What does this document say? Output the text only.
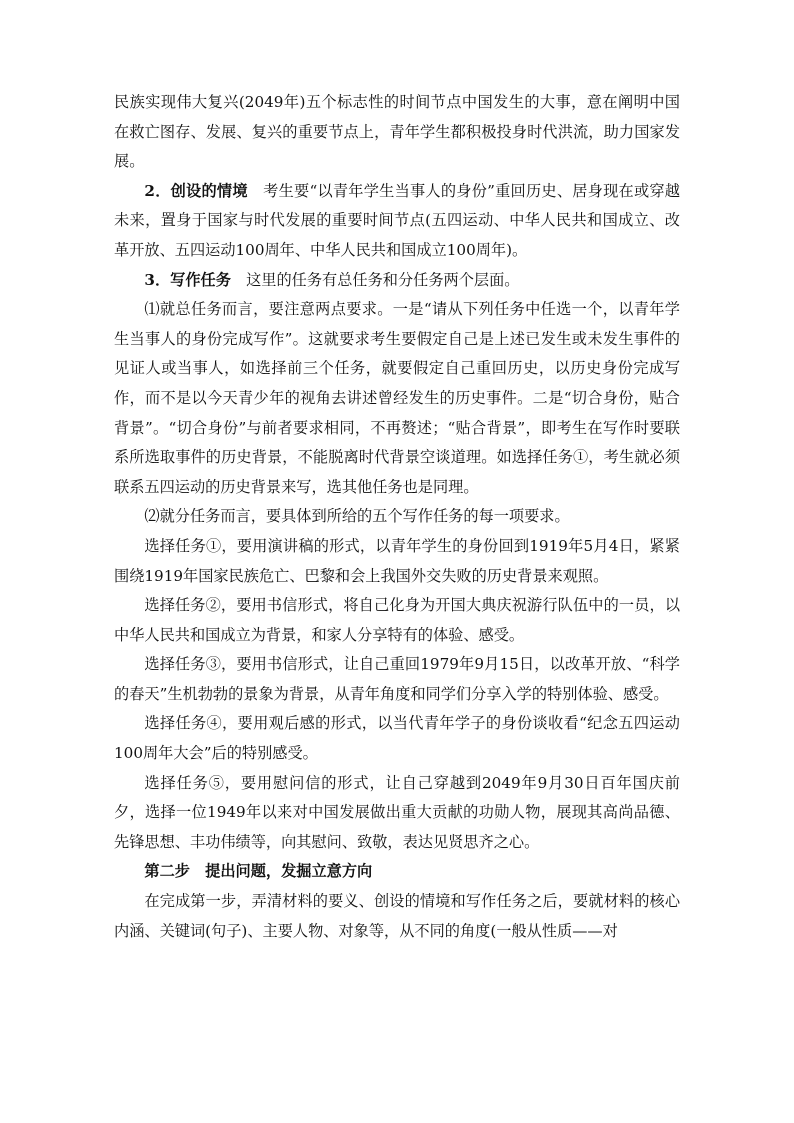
民族实现伟大复兴(2049年)五个标志性的时间节点中国发生的大事，意在阐明中国在救亡图存、发展、复兴的重要节点上，青年学生都积极投身时代洪流，助力国家发展。

2．创设的情境　考生要“以青年学生当事人的身份”重回历史、居身现在或穿越未来，置身于国家与时代发展的重要时间节点(五四运动、中华人民共和国成立、改革开放、五四运动100周年、中华人民共和国成立100周年)。

3．写作任务　这里的任务有总任务和分任务两个层面。

⑴就总任务而言，要注意两点要求。一是“请从下列任务中任选一个，以青年学生当事人的身份完成写作”。这就要求考生要假定自己是上述已发生或未发生事件的见证人或当事人，如选择前三个任务，就要假定自己重回历史，以历史身份完成写作，而不是以今天青少年的视角去讲述曾经发生的历史事件。二是“切合身份，贴合背景”。“切合身份”与前者要求相同，不再赘述；“贴合背景”，即考生在写作时要联系所选取事件的历史背景，不能脱离时代背景空谈道理。如选择任务①，考生就必须联系五四运动的历史背景来写，选其他任务也是同理。

⑵就分任务而言，要具体到所给的五个写作任务的每一项要求。

选择任务①，要用演讲稿的形式，以青年学生的身份回到1919年5月4日，紧紧围绕1919年国家民族危亡、巴黎和会上我国外交失败的历史背景来观照。

选择任务②，要用书信形式，将自己化身为开国大典庆祝游行队伍中的一员，以中华人民共和国成立为背景，和家人分享特有的体验、感受。

选择任务③，要用书信形式，让自己重回1979年9月15日，以改革开放、“科学的春天”生机勃勃的景象为背景，从青年角度和同学们分享入学的特别体验、感受。

选择任务④，要用观后感的形式，以当代青年学子的身份谈收看“纪念五四运动100周年大会”后的特别感受。

选择任务⑤，要用慰问信的形式，让自己穿越到2049年9月30日百年国庆前夕，选择一位1949年以来对中国发展做出重大贡献的功勋人物，展现其高尚品德、先锋思想、丰功伟绩等，向其慰问、致敬，表达见贤思齐之心。

第二步　提出问题，发掘立意方向

在完成第一步，弄清材料的要义、创设的情境和写作任务之后，要就材料的核心内涵、关键词(句子)、主要人物、对象等，从不同的角度(一般从性质——对
